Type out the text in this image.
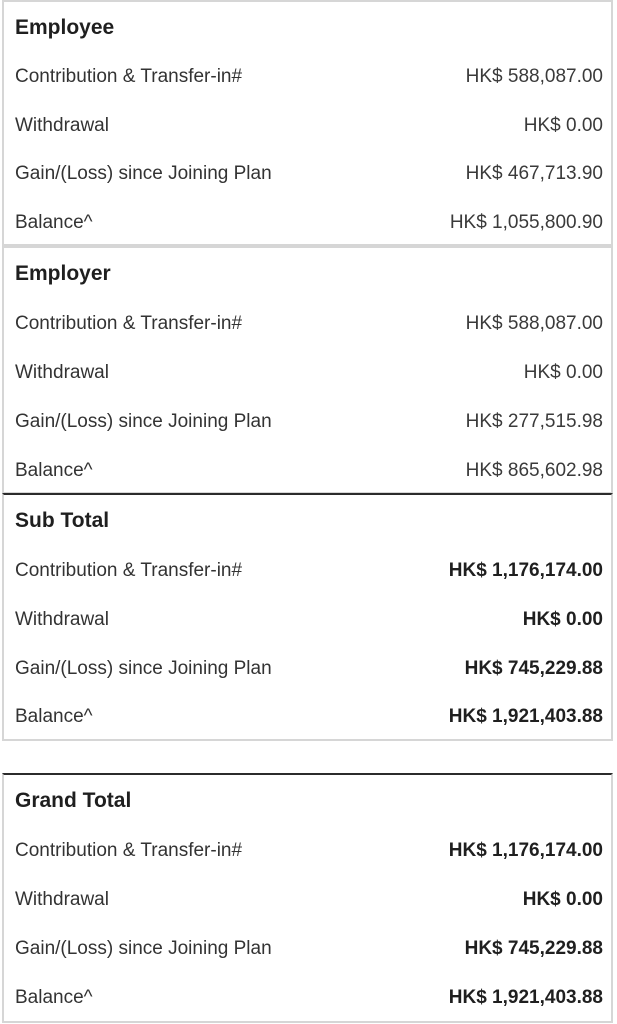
Employee
Contribution & Transfer-in#	HK$ 588,087.00
Withdrawal	HK$ 0.00
Gain/(Loss) since Joining Plan	HK$ 467,713.90
Balance^	HK$ 1,055,800.90
Employer
Contribution & Transfer-in#	HK$ 588,087.00
Withdrawal	HK$ 0.00
Gain/(Loss) since Joining Plan	HK$ 277,515.98
Balance^	HK$ 865,602.98
Sub Total
Contribution & Transfer-in#	HK$ 1,176,174.00
Withdrawal	HK$ 0.00
Gain/(Loss) since Joining Plan	HK$ 745,229.88
Balance^	HK$ 1,921,403.88
Grand Total
Contribution & Transfer-in#	HK$ 1,176,174.00
Withdrawal	HK$ 0.00
Gain/(Loss) since Joining Plan	HK$ 745,229.88
Balance^	HK$ 1,921,403.88
